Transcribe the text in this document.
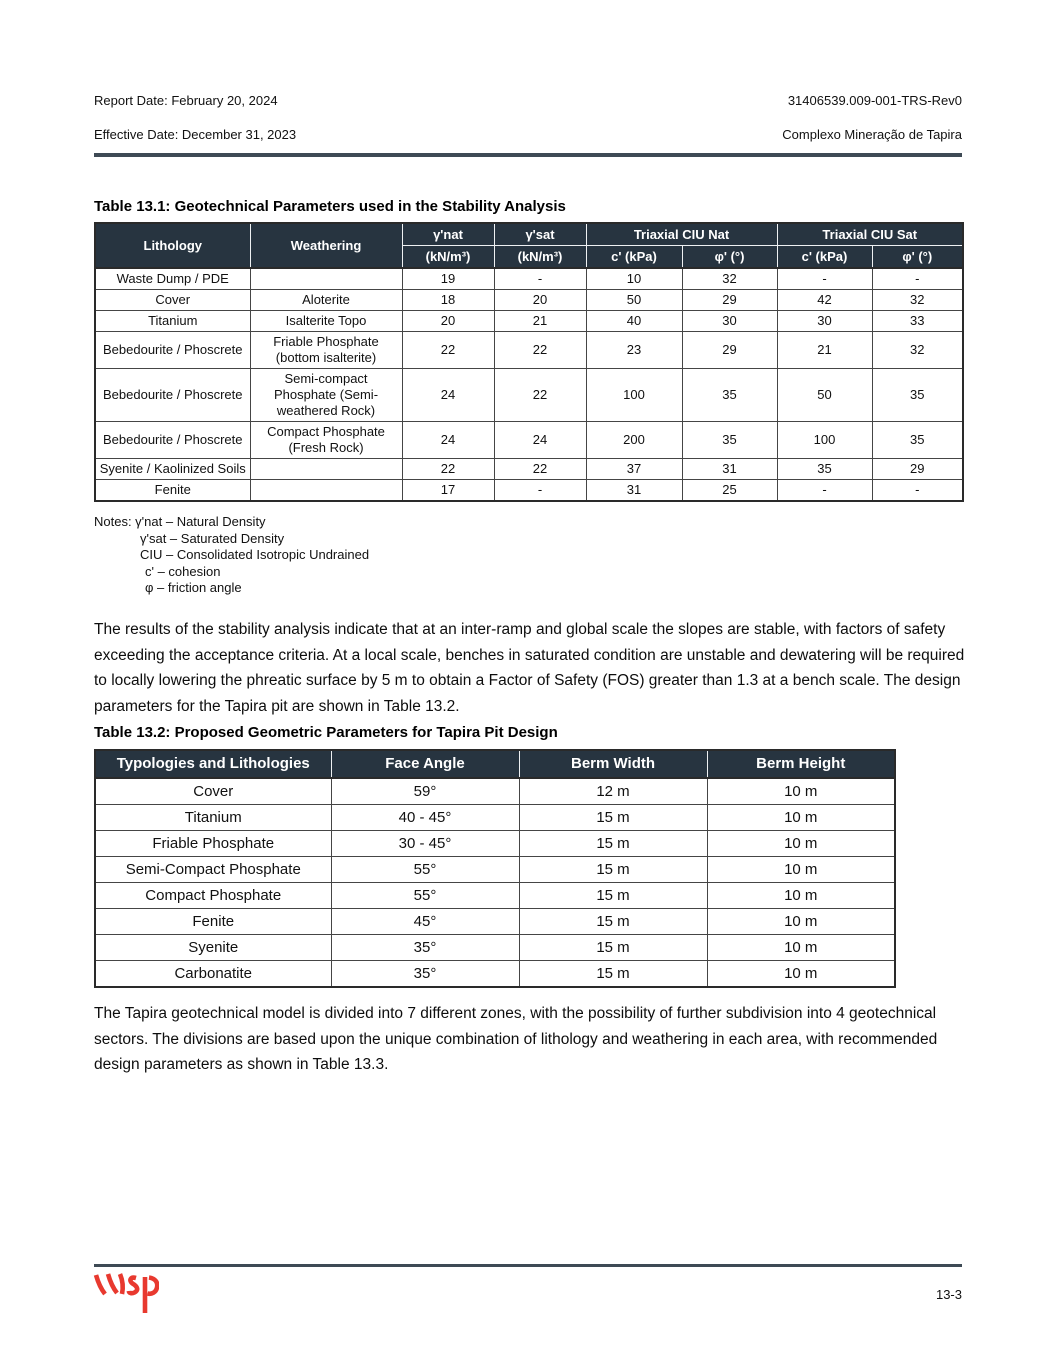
Report Date: February 20, 2024	31406539.009-001-TRS-Rev0
Effective Date: December 31, 2023	Complexo Mineração de Tapira
Table 13.1: Geotechnical Parameters used in the Stability Analysis
Lithology	Weathering	γ'nat	γ'sat	Triaxial CIU Nat		Triaxial CIU Sat	
		(kN/m³)	(kN/m³)	c' (kPa)	φ' (°)	c' (kPa)	φ' (°)
Waste Dump / PDE		19	-	10	32	-	-
Cover	Aloterite	18	20	50	29	42	32
Titanium	Isalterite Topo	20	21	40	30	30	33
Bebedourite / Phoscrete	Friable Phosphate (bottom isalterite)	22	22	23	29	21	32
Bebedourite / Phoscrete	Semi-compact Phosphate (Semi-weathered Rock)	24	22	100	35	50	35
Bebedourite / Phoscrete	Compact Phosphate (Fresh Rock)	24	24	200	35	100	35
Syenite / Kaolinized Soils		22	22	37	31	35	29
Fenite		17	-	31	25	-	-
Notes: γ'nat – Natural Density
γ'sat – Saturated Density
CIU – Consolidated Isotropic Undrained
c' – cohesion
φ – friction angle
The results of the stability analysis indicate that at an inter-ramp and global scale the slopes are stable, with factors of safety exceeding the acceptance criteria. At a local scale, benches in saturated condition are unstable and dewatering will be required to locally lowering the phreatic surface by 5 m to obtain a Factor of Safety (FOS) greater than 1.3 at a bench scale. The design parameters for the Tapira pit are shown in Table 13.2.
Table 13.2: Proposed Geometric Parameters for Tapira Pit Design
Typologies and Lithologies	Face Angle	Berm Width	Berm Height
Cover	59°	12 m	10 m
Titanium	40 - 45°	15 m	10 m
Friable Phosphate	30 - 45°	15 m	10 m
Semi-Compact Phosphate	55°	15 m	10 m
Compact Phosphate	55°	15 m	10 m
Fenite	45°	15 m	10 m
Syenite	35°	15 m	10 m
Carbonatite	35°	15 m	10 m
The Tapira geotechnical model is divided into 7 different zones, with the possibility of further subdivision into 4 geotechnical sectors. The divisions are based upon the unique combination of lithology and weathering in each area, with recommended design parameters as shown in Table 13.3.
13-3
